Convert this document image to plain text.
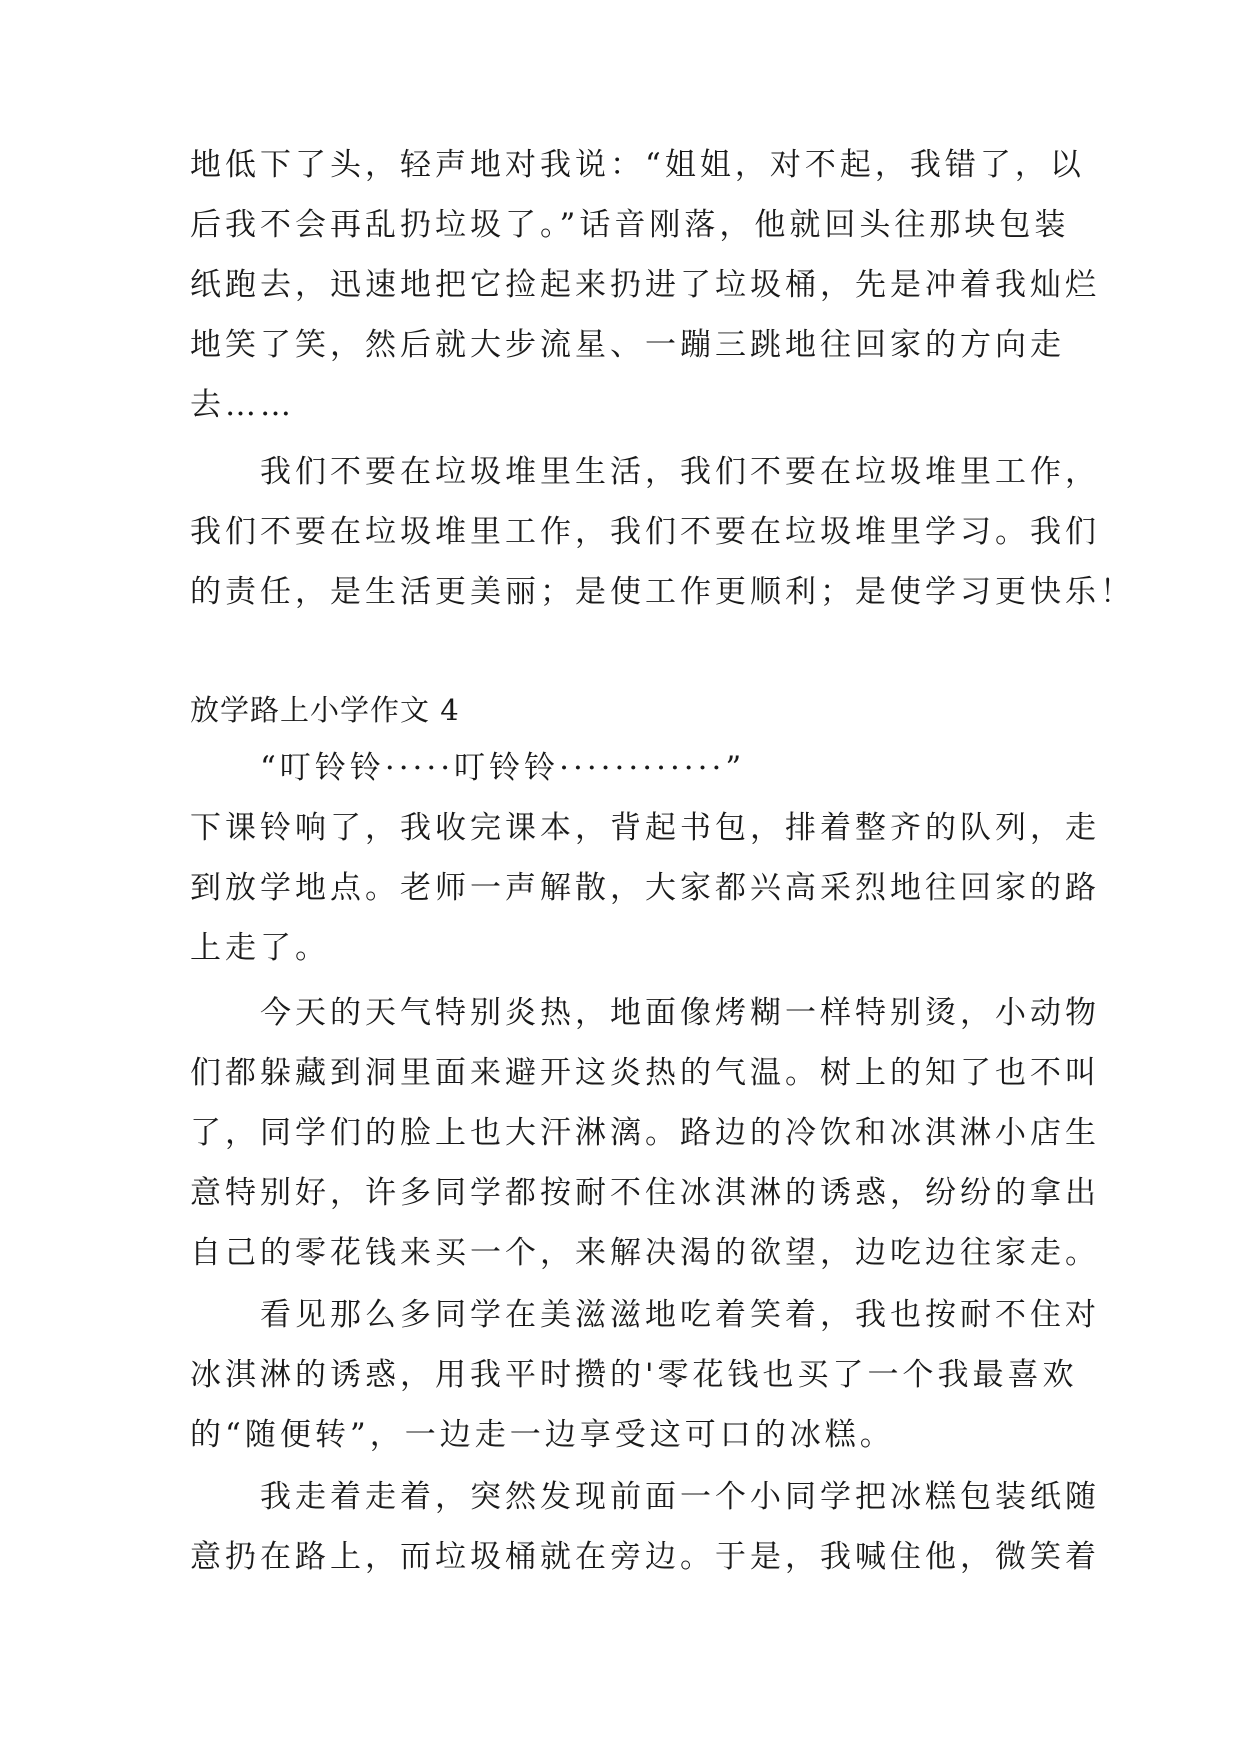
地低下了头，轻声地对我说：“姐姐，对不起，我错了，以
后我不会再乱扔垃圾了。”话音刚落，他就回头往那块包装
纸跑去，迅速地把它捡起来扔进了垃圾桶，先是冲着我灿烂
地笑了笑，然后就大步流星、一蹦三跳地往回家的方向走
去……
　　我们不要在垃圾堆里生活，我们不要在垃圾堆里工作，
我们不要在垃圾堆里工作，我们不要在垃圾堆里学习。我们
的责任，是生活更美丽；是使工作更顺利；是使学习更快乐！
放学路上小学作文 4
　　“叮铃铃·····叮铃铃············”
下课铃响了，我收完课本，背起书包，排着整齐的队列，走
到放学地点。老师一声解散，大家都兴高采烈地往回家的路
上走了。
　　今天的天气特别炎热，地面像烤糊一样特别烫，小动物
们都躲藏到洞里面来避开这炎热的气温。树上的知了也不叫
了，同学们的脸上也大汗淋漓。路边的冷饮和冰淇淋小店生
意特别好，许多同学都按耐不住冰淇淋的诱惑，纷纷的拿出
自己的零花钱来买一个，来解决渴的欲望，边吃边往家走。
　　看见那么多同学在美滋滋地吃着笑着，我也按耐不住对
冰淇淋的诱惑，用我平时攒的'零花钱也买了一个我最喜欢
的“随便转”，一边走一边享受这可口的冰糕。
　　我走着走着，突然发现前面一个小同学把冰糕包装纸随
意扔在路上，而垃圾桶就在旁边。于是，我喊住他，微笑着
